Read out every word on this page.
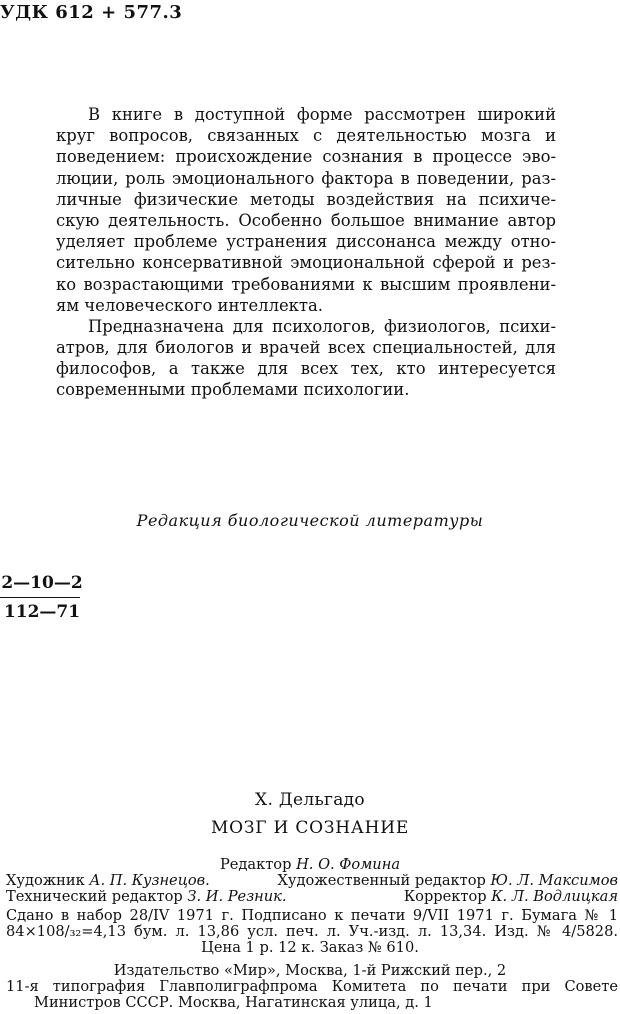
УДК 612 + 577.3
В книге в доступной форме рассмотрен широкий
круг вопросов, связанных с деятельностью мозга и
поведением: происхождение сознания в процессе эво-
люции, роль эмоционального фактора в поведении, раз-
личные физические методы воздействия на психиче-
скую деятельность. Особенно большое внимание автор
уделяет проблеме устранения диссонанса между отно-
сительно консервативной эмоциональной сферой и рез-
ко возрастающими требованиями к высшим проявлени-
ям человеческого интеллекта.
Предназначена для психологов, физиологов, психи-
атров, для биологов и врачей всех специальностей, для
философов, а также для всех тех, кто интересуется
современными проблемами психологии.
Редакция биологической литературы
2—10—2
112—71
X. Дельгадо
МОЗГ И СОЗНАНИЕ
Редактор Н. О. Фомина
Художник А. П. Кузнецов.	Художественный редактор Ю. Л. Максимов
Технический редактор З. И. Резник.	Корректор К. Л. Водлицкая
Сдано в набор 28/IV 1971 г. Подписано к печати 9/VII 1971 г. Бумага № 1
84×108/₃₂=4,13 бум. л. 13,86 усл. печ. л. Уч.-изд. л. 13,34. Изд. № 4/5828.
Цена 1 р. 12 к. Заказ № 610.
Издательство «Мир», Москва, 1-й Рижский пер., 2
11-я типография Главполиграфпрома Комитета по печати при Совете
Министров СССР. Москва, Нагатинская улица, д. 1
